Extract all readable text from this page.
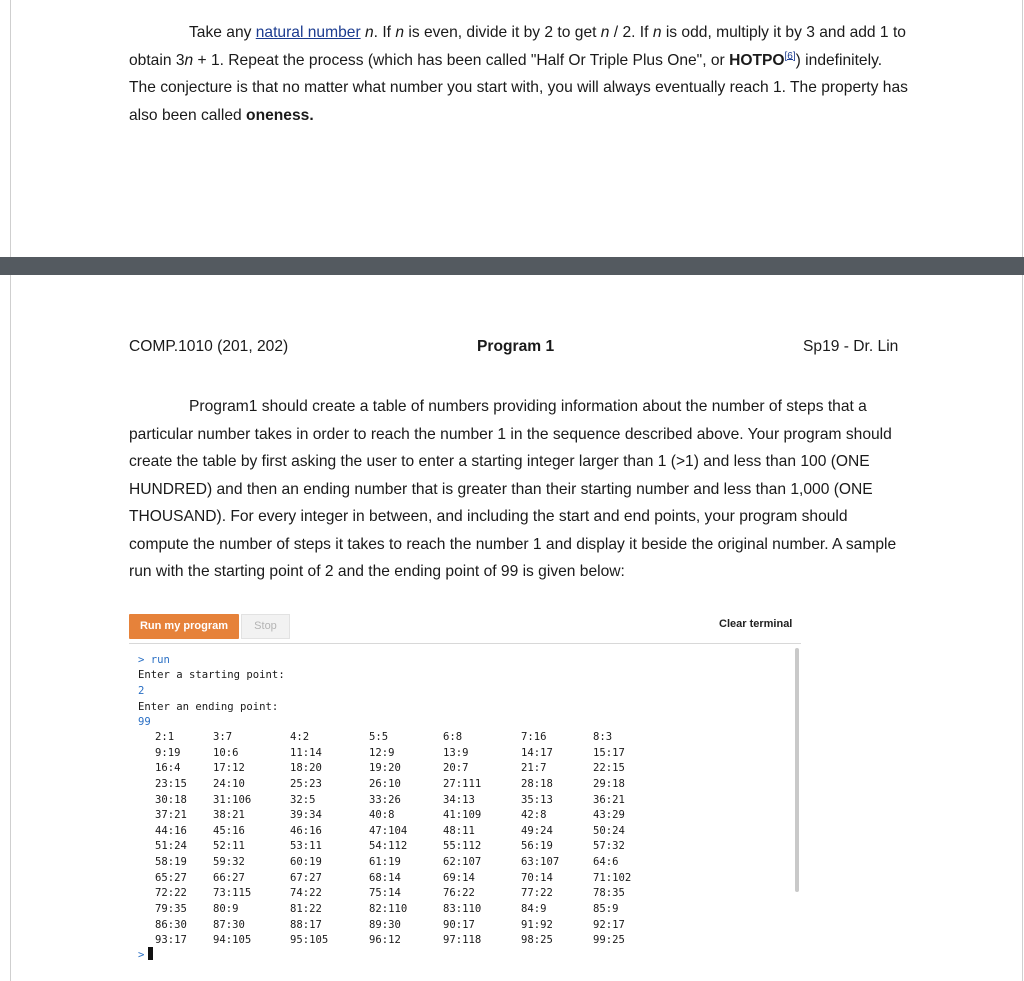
Take any natural number n. If n is even, divide it by 2 to get n / 2. If n is odd, multiply it by 3 and add 1 to obtain 3n + 1. Repeat the process (which has been called "Half Or Triple Plus One", or HOTPO[6]) indefinitely. The conjecture is that no matter what number you start with, you will always eventually reach 1. The property has also been called oneness.
COMP.1010 (201, 202)	Program 1	Sp19 - Dr. Lin
Program1 should create a table of numbers providing information about the number of steps that a particular number takes in order to reach the number 1 in the sequence described above. Your program should create the table by first asking the user to enter a starting integer larger than 1 (>1) and less than 100 (ONE HUNDRED) and then an ending number that is greater than their starting number and less than 1,000 (ONE THOUSAND). For every integer in between, and including the start and end points, your program should compute the number of steps it takes to reach the number 1 and display it beside the original number. A sample run with the starting point of 2 and the ending point of 99 is given below:
Run my program	Stop	Clear terminal
> run
Enter a starting point:
2
Enter an ending point:
99
2:1	3:7	4:2	5:5	6:8	7:16	8:3
9:19	10:6	11:14	12:9	13:9	14:17	15:17
16:4	17:12	18:20	19:20	20:7	21:7	22:15
23:15	24:10	25:23	26:10	27:111	28:18	29:18
30:18	31:106	32:5	33:26	34:13	35:13	36:21
37:21	38:21	39:34	40:8	41:109	42:8	43:29
44:16	45:16	46:16	47:104	48:11	49:24	50:24
51:24	52:11	53:11	54:112	55:112	56:19	57:32
58:19	59:32	60:19	61:19	62:107	63:107	64:6
65:27	66:27	67:27	68:14	69:14	70:14	71:102
72:22	73:115	74:22	75:14	76:22	77:22	78:35
79:35	80:9	81:22	82:110	83:110	84:9	85:9
86:30	87:30	88:17	89:30	90:17	91:92	92:17
93:17	94:105	95:105	96:12	97:118	98:25	99:25
>
